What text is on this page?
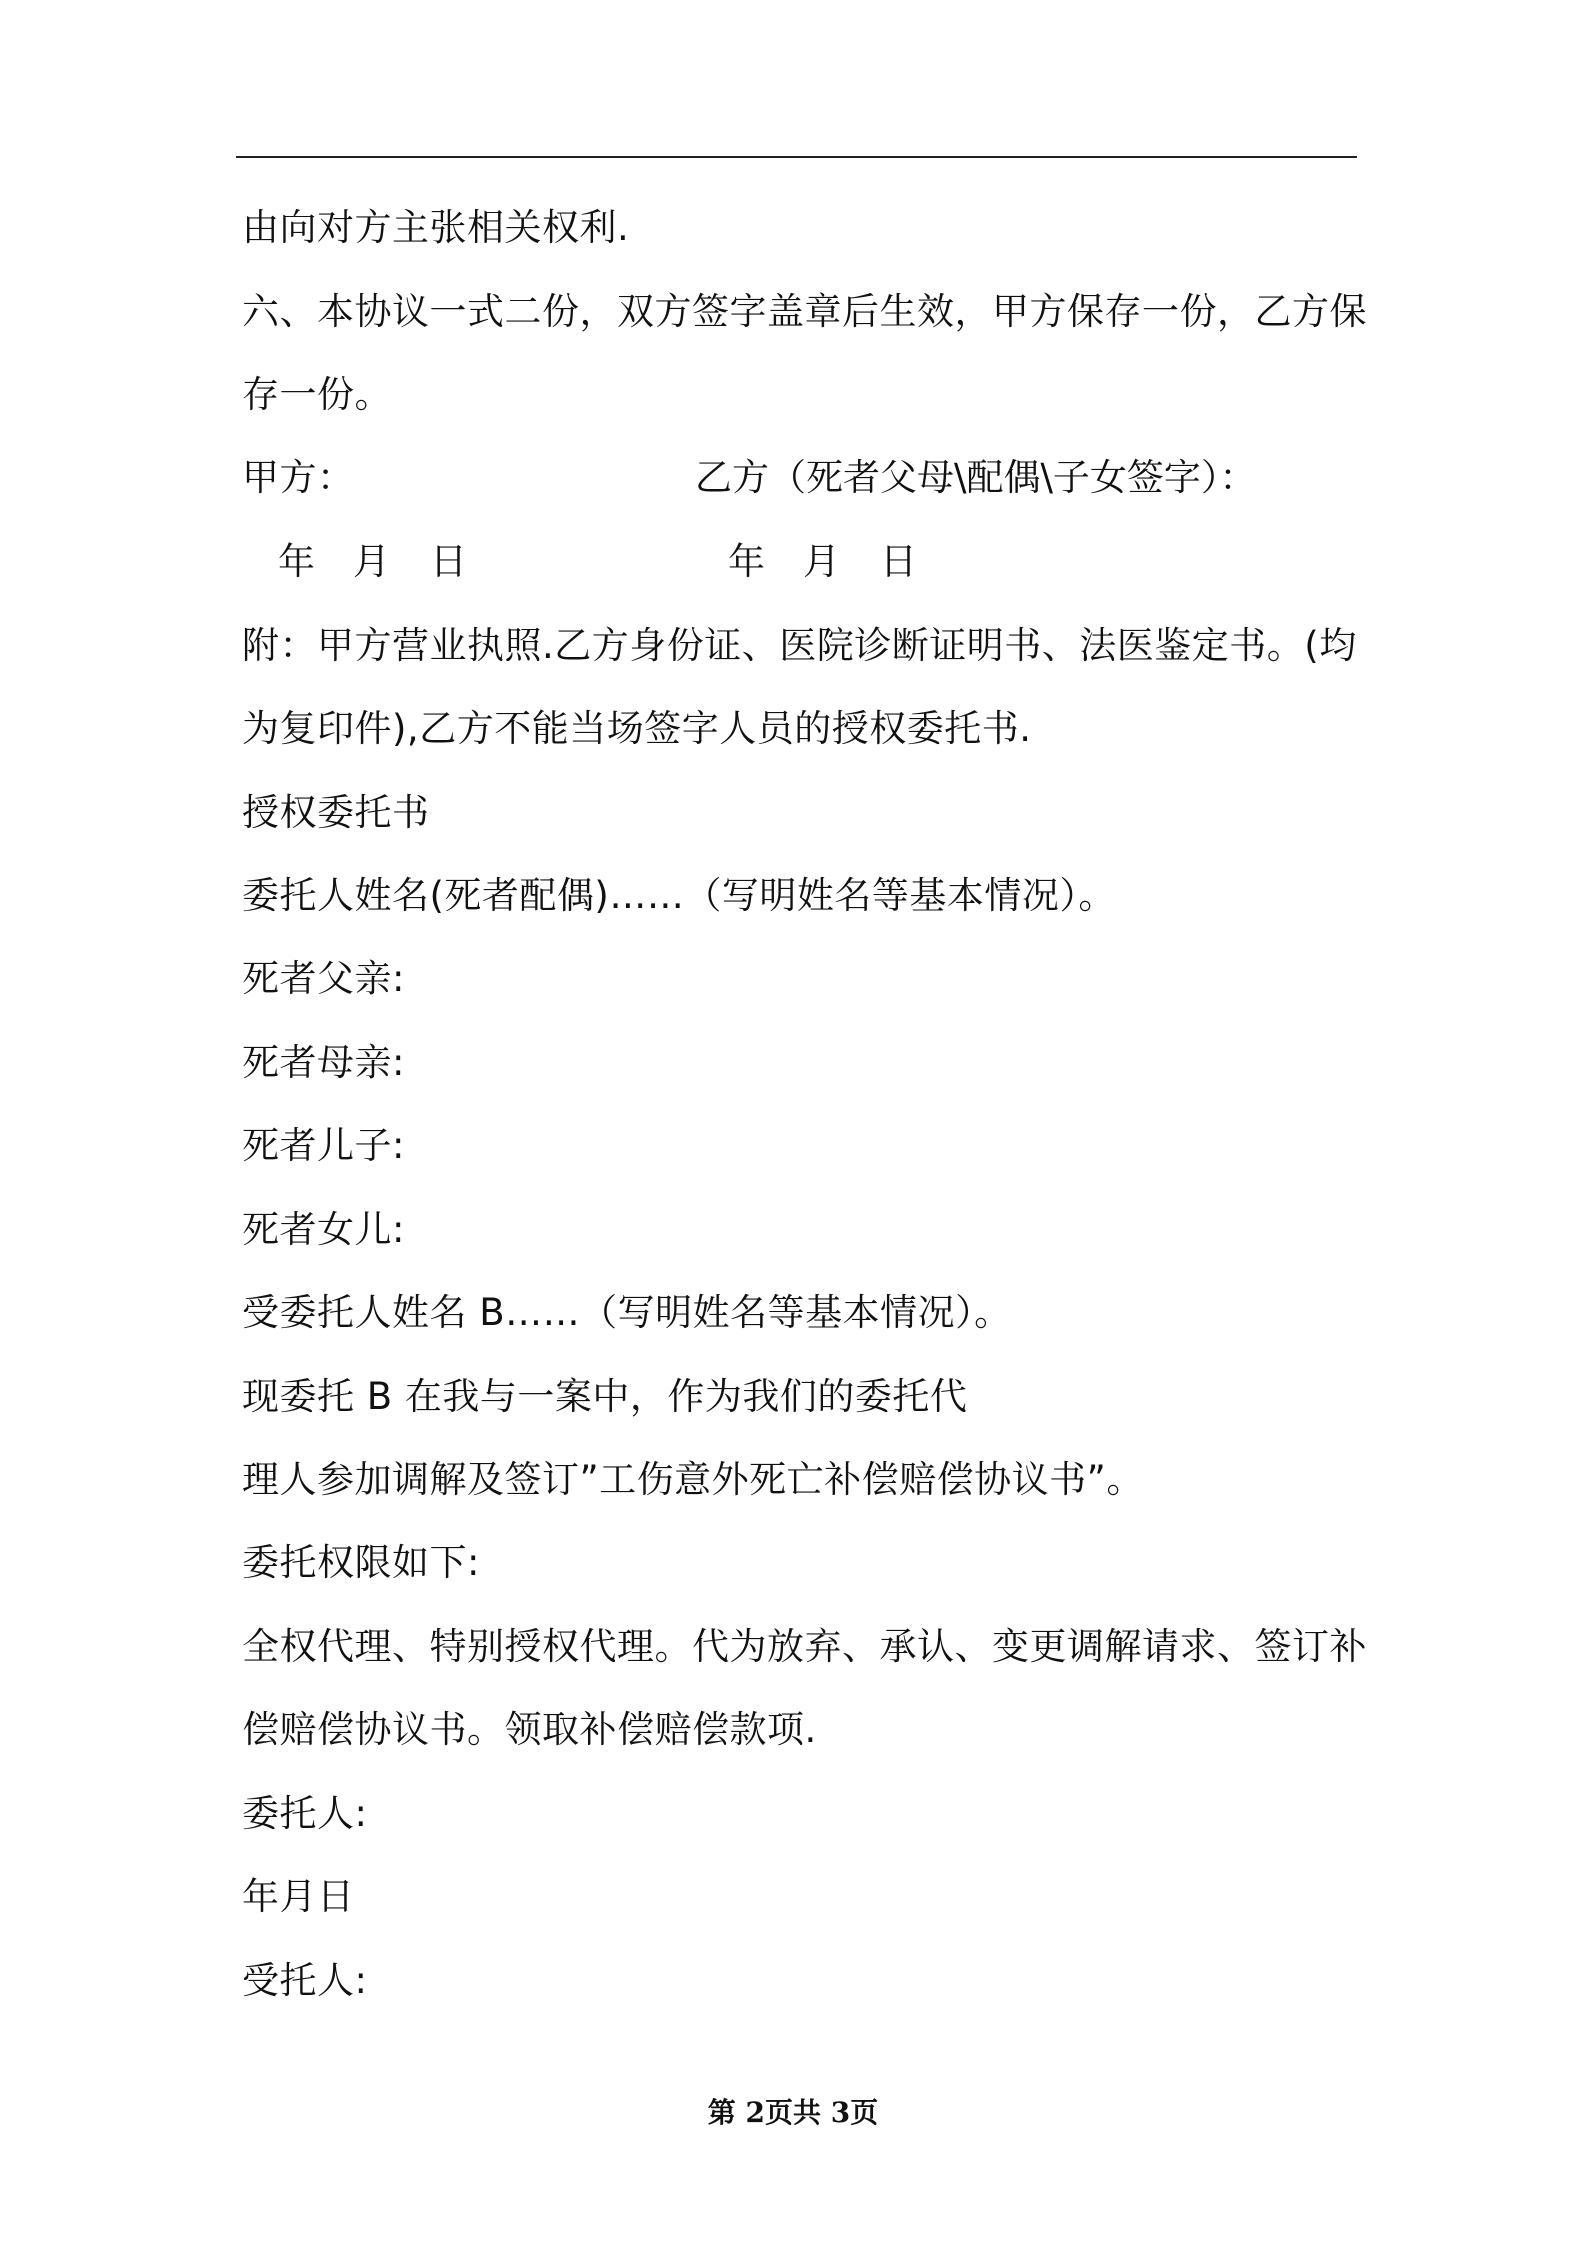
由向对方主张相关权利.
六、本协议一式二份，双方签字盖章后生效，甲方保存一份，乙方保
存一份。
甲方：	乙方（死者父母\配偶\子女签字）：
年 月 日	年 月 日
附：甲方营业执照.乙方身份证、医院诊断证明书、法医鉴定书。(均
为复印件),乙方不能当场签字人员的授权委托书.
授权委托书
委托人姓名(死者配偶)……（写明姓名等基本情况）。
死者父亲:
死者母亲:
死者儿子:
死者女儿:
受委托人姓名 B……（写明姓名等基本情况）。
现委托 B 在我与一案中，作为我们的委托代
理人参加调解及签订”工伤意外死亡补偿赔偿协议书”。
委托权限如下:
全权代理、特别授权代理。代为放弃、承认、变更调解请求、签订补
偿赔偿协议书。领取补偿赔偿款项.
委托人:
年月日
受托人:
第 2页共 3页
